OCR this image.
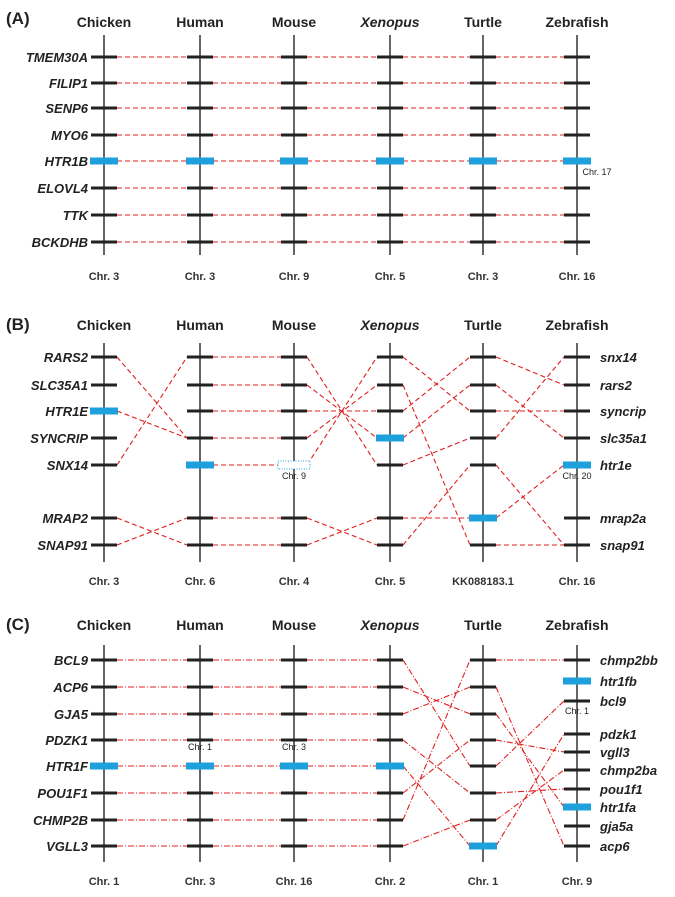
(A)	Chicken
Chr. 3
Human
Chr. 3
Mouse
Chr. 9
Xenopus
Chr. 5
Turtle
Chr. 3
Zebrafish
Chr. 16
TMEM30A
FILIP1
SENP6
MYO6
HTR1B
ELOVL4
TTK
BCKDHB
Chr. 17
(B)	Chicken
Chr. 3
Human
Chr. 6
Mouse
Chr. 4
Xenopus
Chr. 5
Turtle
KK088183.1
Zebrafish
Chr. 16
RARS2
SLC35A1
HTR1E
SYNCRIP
SNX14
MRAP2
SNAP91
snx14
rars2
syncrip
slc35a1
htr1e
mrap2a
snap91
Chr. 9	Chr. 20
(C)	Chicken
Chr. 1
Human
Chr. 3
Mouse
Chr. 16
Xenopus
Chr. 2
Turtle
Chr. 1
Zebrafish
Chr. 9
BCL9
ACP6
GJA5
PDZK1
HTR1F
POU1F1
CHMP2B
VGLL3
chmp2bb
htr1fb
bcl9
pdzk1
vgll3
chmp2ba
pou1f1
htr1fa
gja5a
acp6
Chr. 1	Chr. 3
Chr. 1
